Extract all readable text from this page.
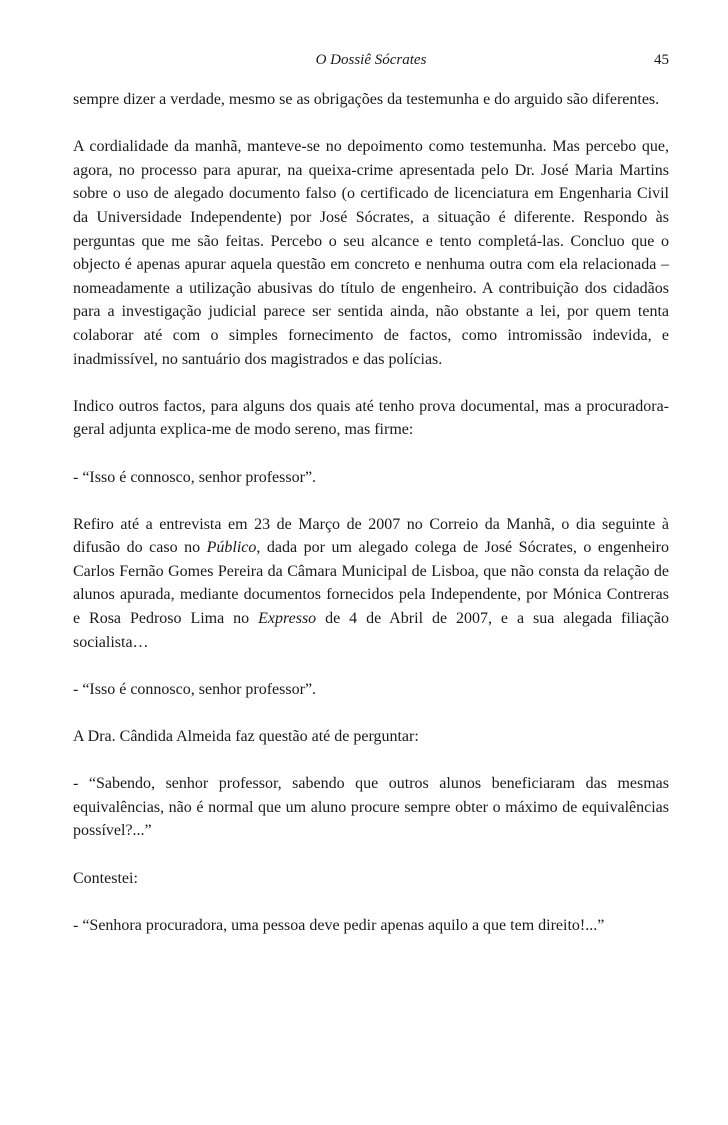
O Dossiê Sócrates	45

sempre dizer a verdade, mesmo se as obrigações da testemunha e do arguido são diferentes.

A cordialidade da manhã, manteve-se no depoimento como testemunha. Mas percebo que, agora, no processo para apurar, na queixa-crime apresentada pelo Dr. José Maria Martins sobre o uso de alegado documento falso (o certificado de licenciatura em Engenharia Civil da Universidade Independente) por José Sócrates, a situação é diferente. Respondo às perguntas que me são feitas. Percebo o seu alcance e tento completá-las. Concluo que o objecto é apenas apurar aquela questão em concreto e nenhuma outra com ela relacionada – nomeadamente a utilização abusivas do título de engenheiro. A contribuição dos cidadãos para a investigação judicial parece ser sentida ainda, não obstante a lei, por quem tenta colaborar até com o simples fornecimento de factos, como intromissão indevida, e inadmissível, no santuário dos magistrados e das polícias.

Indico outros factos, para alguns dos quais até tenho prova documental, mas a procuradora-geral adjunta explica-me de modo sereno, mas firme:

- “Isso é connosco, senhor professor”.

Refiro até a entrevista em 23 de Março de 2007 no Correio da Manhã, o dia seguinte à difusão do caso no Público, dada por um alegado colega de José Sócrates, o engenheiro Carlos Fernão Gomes Pereira da Câmara Municipal de Lisboa, que não consta da relação de alunos apurada, mediante documentos fornecidos pela Independente, por Mónica Contreras e Rosa Pedroso Lima no Expresso de 4 de Abril de 2007, e a sua alegada filiação socialista…

- “Isso é connosco, senhor professor”.

A Dra. Cândida Almeida faz questão até de perguntar:

- “Sabendo, senhor professor, sabendo que outros alunos beneficiaram das mesmas equivalências, não é normal que um aluno procure sempre obter o máximo de equivalências possível?...”

Contestei:

- “Senhora procuradora, uma pessoa deve pedir apenas aquilo a que tem direito!...”
